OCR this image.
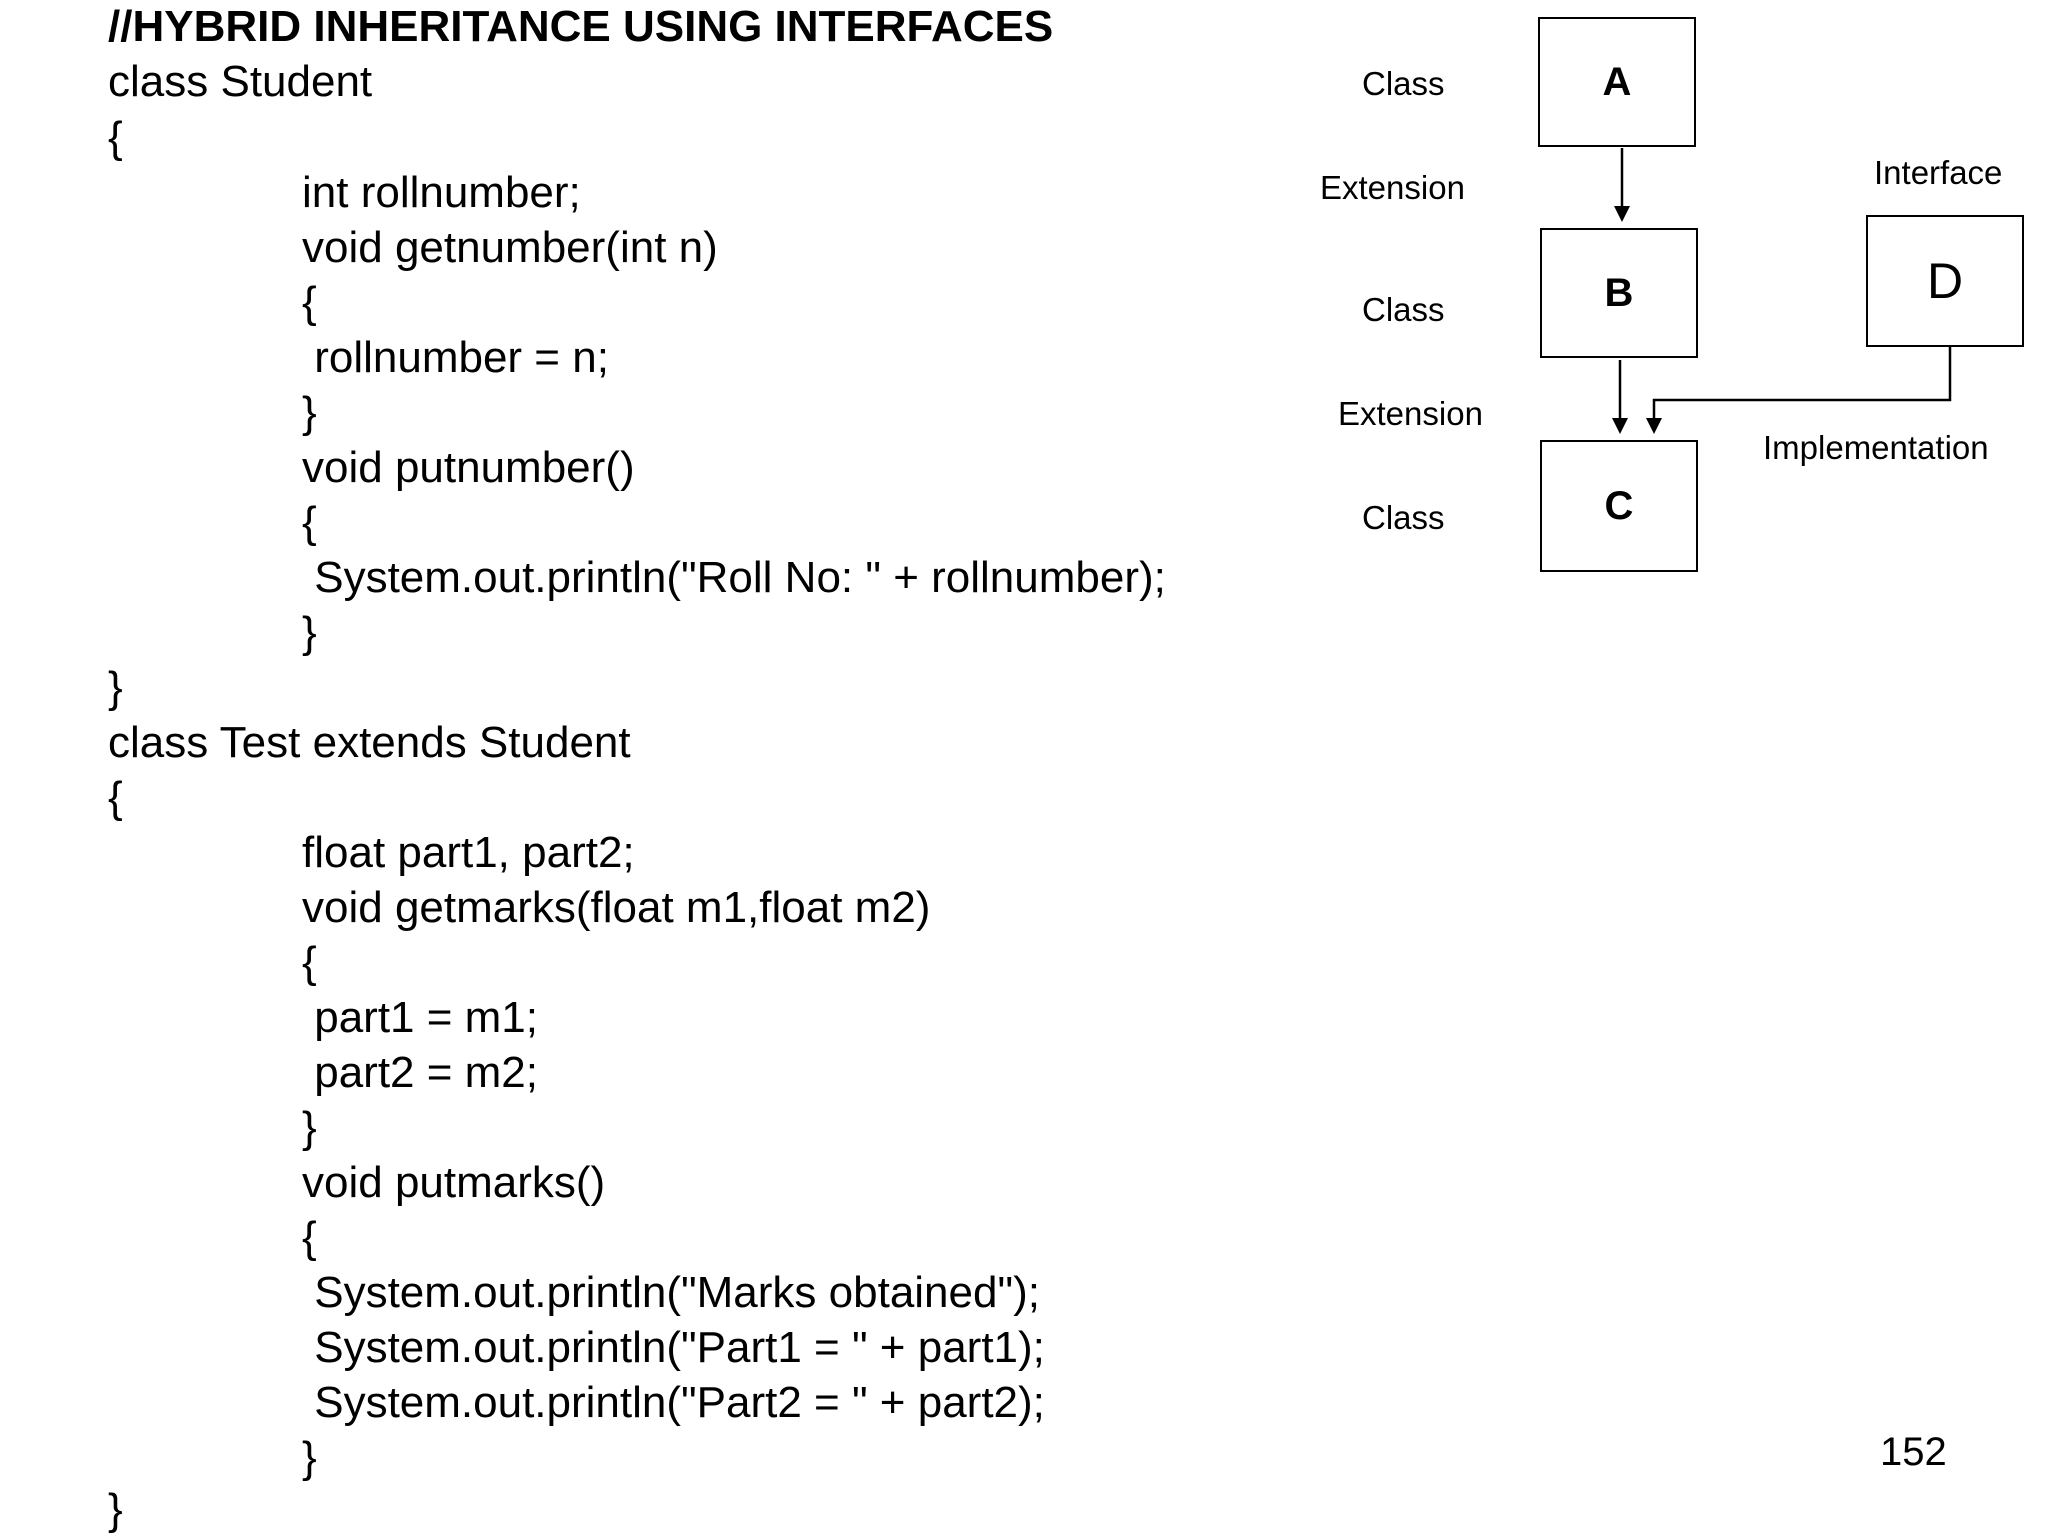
//HYBRID INHERITANCE USING INTERFACES
class Student
{
int rollnumber;
void getnumber(int n)
{
rollnumber = n;
}
void putnumber()
{
System.out.println("Roll No: " + rollnumber);
}
}
class Test extends Student
{
float part1, part2;
void getmarks(float m1,float m2)
{
part1 = m1;
part2 = m2;
}
void putmarks()
{
System.out.println("Marks obtained");
System.out.println("Part1 = " + part1);
System.out.println("Part2 = " + part2);
}
}
Class
Extension
Class
Extension
Class
Interface
Implementation
A
B
C
D
152
